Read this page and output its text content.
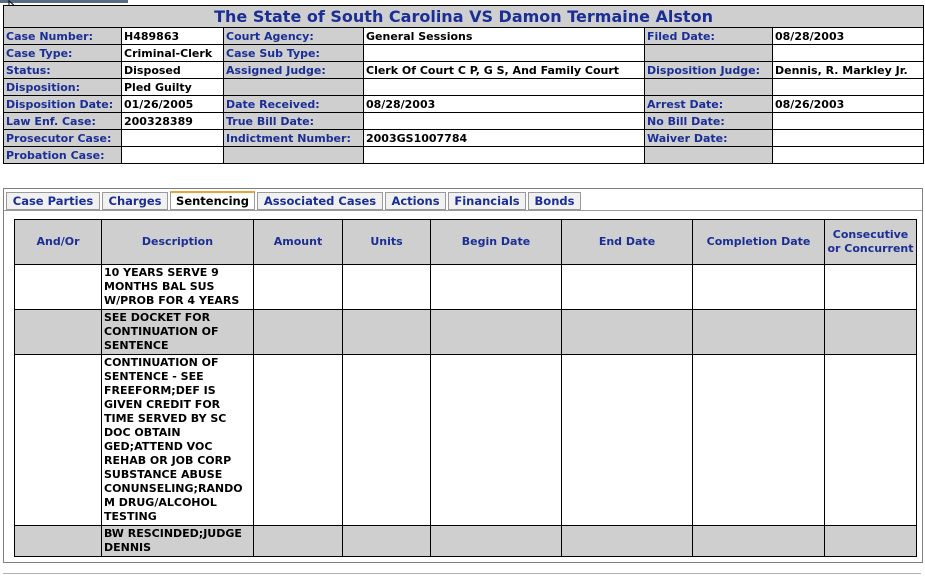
The State of South Carolina VS Damon Termaine Alston					
Case Number:	H489863	Court Agency:	General Sessions	Filed Date:	08/28/2003
Case Type:	Criminal-Clerk	Case Sub Type:			
Status:	Disposed	Assigned Judge:	Clerk Of Court C P, G S, And Family Court	Disposition Judge:	Dennis, R. Markley Jr.
Disposition:	Pled Guilty				
Disposition Date:	01/26/2005	Date Received:	08/28/2003	Arrest Date:	08/26/2003
Law Enf. Case:	200328389	True Bill Date:		No Bill Date:	
Prosecutor Case:		Indictment Number:	2003GS1007784	Waiver Date:	
Probation Case:					
Case Parties	Charges	Sentencing	Associated Cases	Actions	Financials	Bonds
And/Or	Description	Amount	Units	Begin Date	End Date	Completion Date	Consecutive or Concurrent
	10 YEARS SERVE 9 MONTHS BAL SUS W/PROB FOR 4 YEARS						
	SEE DOCKET FOR CONTINUATION OF SENTENCE						
	CONTINUATION OF SENTENCE - SEE FREEFORM;DEF IS GIVEN CREDIT FOR TIME SERVED BY SC DOC OBTAIN GED;ATTEND VOC REHAB OR JOB CORP SUBSTANCE ABUSE CONUNSELING;RANDOM DRUG/ALCOHOL TESTING						
	BW RESCINDED;JUDGE DENNIS						
